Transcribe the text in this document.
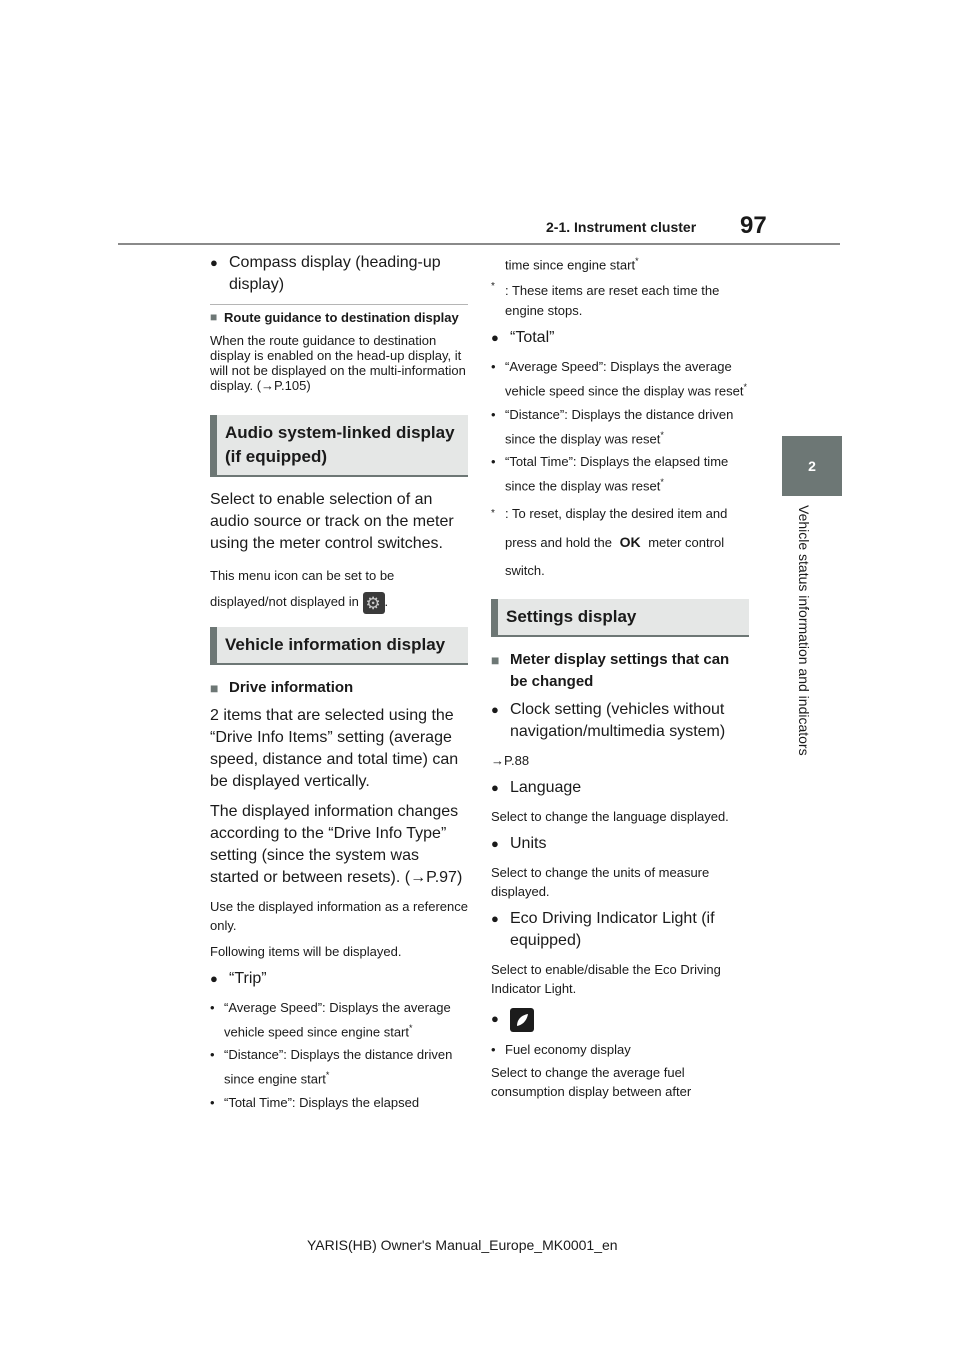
2-1. Instrument cluster 97
2
Vehicle status information and indicators
● Compass display (heading-up display)
■ Route guidance to destination display
When the route guidance to destination display is enabled on the head-up display, it will not be displayed on the multi-information display. (→P.105)
Audio system-linked display (if equipped)
Select to enable selection of an audio source or track on the meter using the meter control switches.
This menu icon can be set to be displayed/not displayed in ⚙ .
Vehicle information display
■ Drive information
2 items that are selected using the “Drive Info Items” setting (average speed, distance and total time) can be displayed vertically.
The displayed information changes according to the “Drive Info Type” setting (since the system was started or between resets). (→P.97)
Use the displayed information as a reference only.
Following items will be displayed.
● “Trip”
• “Average Speed”: Displays the average vehicle speed since engine start*
• “Distance”: Displays the distance driven since engine start*
• “Total Time”: Displays the elapsed
time since engine start*
* : These items are reset each time the engine stops.
● “Total”
• “Average Speed”: Displays the average vehicle speed since the display was reset*
• “Distance”: Displays the distance driven since the display was reset*
• “Total Time”: Displays the elapsed time since the display was reset*
* : To reset, display the desired item and press and hold the OK meter control switch.
Settings display
■ Meter display settings that can be changed
● Clock setting (vehicles without navigation/multimedia system)
→P.88
● Language
Select to change the language displayed.
● Units
Select to change the units of measure displayed.
● Eco Driving Indicator Light (if equipped)
Select to enable/disable the Eco Driving Indicator Light.
●
• Fuel economy display
Select to change the average fuel consumption display between after
YARIS(HB) Owner's Manual_Europe_MK0001_en
